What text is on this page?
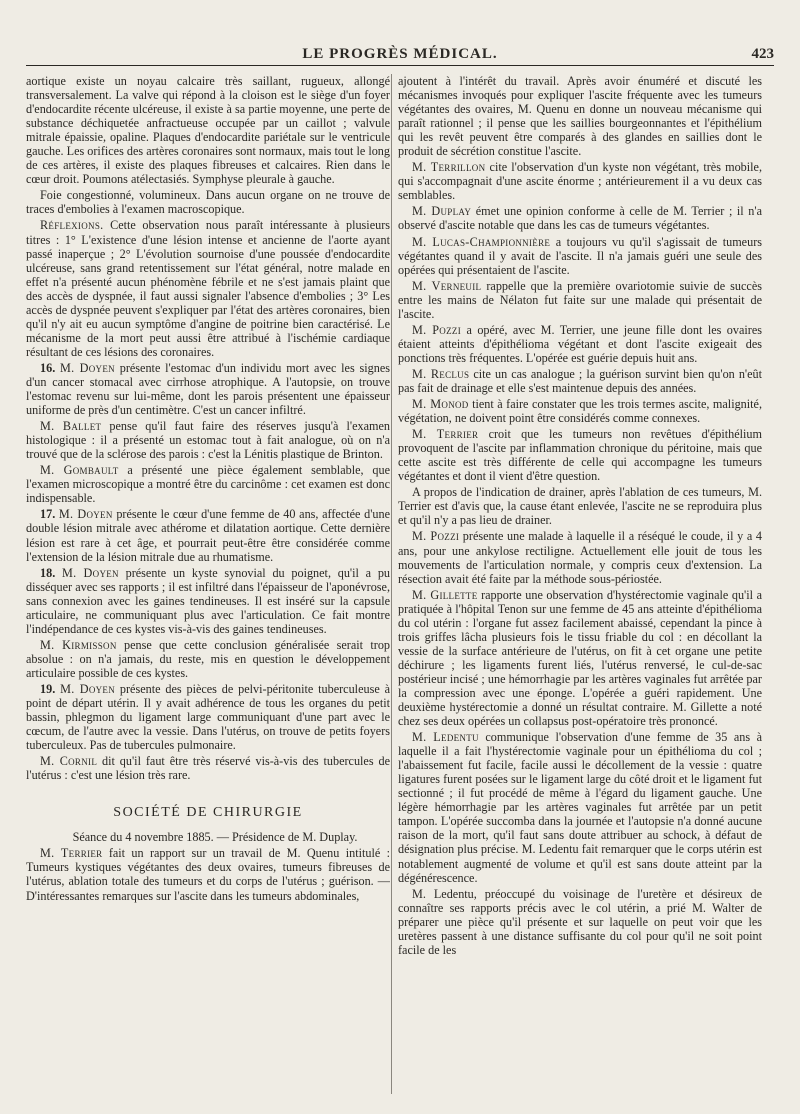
LE PROGRÈS MÉDICAL.	423

aortique existe un noyau calcaire très saillant, rugueux, allongé transversalement. La valve qui répond à la cloison est le siège d'un foyer d'endocardite récente ulcéreuse, il existe à sa partie moyenne, une perte de substance déchiquetée anfractueuse occupée par un caillot ; valvule mitrale épaissie, opaline. Plaques d'endocardite pariétale sur le ventricule gauche. Les orifices des artères coronaires sont normaux, mais tout le long de ces artères, il existe des plaques fibreuses et calcaires. Rien dans le cœur droit. Poumons atélectasiés. Symphyse pleurale à gauche.

Foie congestionné, volumineux. Dans aucun organe on ne trouve de traces d'embolies à l'examen macroscopique.

Réflexions. Cette observation nous paraît intéressante à plusieurs titres : 1° L'existence d'une lésion intense et ancienne de l'aorte ayant passé inaperçue ; 2° L'évolution sournoise d'une poussée d'endocardite ulcéreuse, sans grand retentissement sur l'état général, notre malade en effet n'a présenté aucun phénomène fébrile et ne s'est jamais plaint que des accès de dyspnée, il faut aussi signaler l'absence d'embolies ; 3° Les accès de dyspnée peuvent s'expliquer par l'état des artères coronaires, bien qu'il n'y ait eu aucun symptôme d'angine de poitrine bien caractérisé. Le mécanisme de la mort peut aussi être attribué à l'ischémie cardiaque résultant de ces lésions des coronaires.

16. M. Doyen présente l'estomac d'un individu mort avec les signes d'un cancer stomacal avec cirrhose atrophique. A l'autopsie, on trouve l'estomac revenu sur lui-même, dont les parois présentent une épaisseur uniforme de près d'un centimètre. C'est un cancer infiltré.

M. Ballet pense qu'il faut faire des réserves jusqu'à l'examen histologique : il a présenté un estomac tout à fait analogue, où on n'a trouvé que de la sclérose des parois : c'est la Lénitis plastique de Brinton.

M. Gombault a présenté une pièce également semblable, que l'examen microscopique a montré être du carcinôme : cet examen est donc indispensable.

17. M. Doyen présente le cœur d'une femme de 40 ans, affectée d'une double lésion mitrale avec athérome et dilatation aortique. Cette dernière lésion est rare à cet âge, et pourrait peut-être être considérée comme l'extension de la lésion mitrale due au rhumatisme.

18. M. Doyen présente un kyste synovial du poignet, qu'il a pu disséquer avec ses rapports ; il est infiltré dans l'épaisseur de l'aponévrose, sans connexion avec les gaines tendineuses. Il est inséré sur la capsule articulaire, ne communiquant plus avec l'articulation. Ce fait montre l'indépendance de ces kystes vis-à-vis des gaines tendineuses.

M. Kirmisson pense que cette conclusion généralisée serait trop absolue : on n'a jamais, du reste, mis en question le développement articulaire possible de ces kystes.

19. M. Doyen présente des pièces de pelvi-péritonite tuberculeuse à point de départ utérin. Il y avait adhérence de tous les organes du petit bassin, phlegmon du ligament large communiquant d'une part avec le cœcum, de l'autre avec la vessie. Dans l'utérus, on trouve de petits foyers tuberculeux. Pas de tubercules pulmonaire.

M. Cornil dit qu'il faut être très réservé vis-à-vis des tubercules de l'utérus : c'est une lésion très rare.

SOCIÉTÉ DE CHIRURGIE

Séance du 4 novembre 1885. — Présidence de M. Duplay.

M. Terrier fait un rapport sur un travail de M. Quenu intitulé : Tumeurs kystiques végétantes des deux ovaires, tumeurs fibreuses de l'utérus, ablation totale des tumeurs et du corps de l'utérus ; guérison. — D'intéressantes remarques sur l'ascite dans les tumeurs abdominales,

ajoutent à l'intérêt du travail. Après avoir énuméré et discuté les mécanismes invoqués pour expliquer l'ascite fréquente avec les tumeurs végétantes des ovaires, M. Quenu en donne un nouveau mécanisme qui paraît rationnel ; il pense que les saillies bourgeonnantes et l'épithélium qui les revêt peuvent être comparés à des glandes en saillies dont le produit de sécrétion constitue l'ascite.

M. Terrillon cite l'observation d'un kyste non végétant, très mobile, qui s'accompagnait d'une ascite énorme ; antérieurement il a vu deux cas semblables.

M. Duplay émet une opinion conforme à celle de M. Terrier ; il n'a observé d'ascite notable que dans les cas de tumeurs végétantes.

M. Lucas-Championnière a toujours vu qu'il s'agissait de tumeurs végétantes quand il y avait de l'ascite. Il n'a jamais guéri une seule des opérées qui présentaient de l'ascite.

M. Verneuil rappelle que la première ovariotomie suivie de succès entre les mains de Nélaton fut faite sur une malade qui présentait de l'ascite.

M. Pozzi a opéré, avec M. Terrier, une jeune fille dont les ovaires étaient atteints d'épithélioma végétant et dont l'ascite exigeait des ponctions très fréquentes. L'opérée est guérie depuis huit ans.

M. Reclus cite un cas analogue ; la guérison survint bien qu'on n'eût pas fait de drainage et elle s'est maintenue depuis des années.

M. Monod tient à faire constater que les trois termes ascite, malignité, végétation, ne doivent point être considérés comme connexes.

M. Terrier croit que les tumeurs non revêtues d'épithélium provoquent de l'ascite par inflammation chronique du péritoine, mais que cette ascite est très différente de celle qui accompagne les tumeurs végétantes et dont il vient d'être question.

A propos de l'indication de drainer, après l'ablation de ces tumeurs, M. Terrier est d'avis que, la cause étant enlevée, l'ascite ne se reproduira plus et qu'il n'y a pas lieu de drainer.

M. Pozzi présente une malade à laquelle il a réséqué le coude, il y a 4 ans, pour une ankylose rectiligne. Actuellement elle jouit de tous les mouvements de l'articulation normale, y compris ceux d'extension. La résection avait été faite par la méthode sous-périostée.

M. Gillette rapporte une observation d'hystérectomie vaginale qu'il a pratiquée à l'hôpital Tenon sur une femme de 45 ans atteinte d'épithélioma du col utérin : l'organe fut assez facilement abaissé, cependant la pince à trois griffes lâcha plusieurs fois le tissu friable du col : en décollant la vessie de la surface antérieure de l'utérus, on fit à cet organe une petite déchirure ; les ligaments furent liés, l'utérus renversé, le cul-de-sac postérieur incisé ; une hémorrhagie par les artères vaginales fut arrêtée par la compression avec une éponge. L'opérée a guéri rapidement. Une deuxième hystérectomie a donné un résultat contraire. M. Gillette a noté chez ses deux opérées un collapsus post-opératoire très prononcé.

M. Ledentu communique l'observation d'une femme de 35 ans à laquelle il a fait l'hystérectomie vaginale pour un épithélioma du col ; l'abaissement fut facile, facile aussi le décollement de la vessie : quatre ligatures furent posées sur le ligament large du côté droit et le ligament fut sectionné ; il fut procédé de même à l'égard du ligament gauche. Une légère hémorrhagie par les artères vaginales fut arrêtée par un petit tampon. L'opérée succomba dans la journée et l'autopsie n'a donné aucune raison de la mort, qu'il faut sans doute attribuer au schock, à défaut de désignation plus précise. M. Ledentu fait remarquer que le corps utérin est notablement augmenté de volume et qu'il est sans doute atteint par la dégénérescence.

M. Ledentu, préoccupé du voisinage de l'uretère et désireux de connaître ses rapports précis avec le col utérin, a prié M. Walter de préparer une pièce qu'il présente et sur laquelle on peut voir que les uretères passent à une distance suffisante du col pour qu'il ne soit point facile de les
